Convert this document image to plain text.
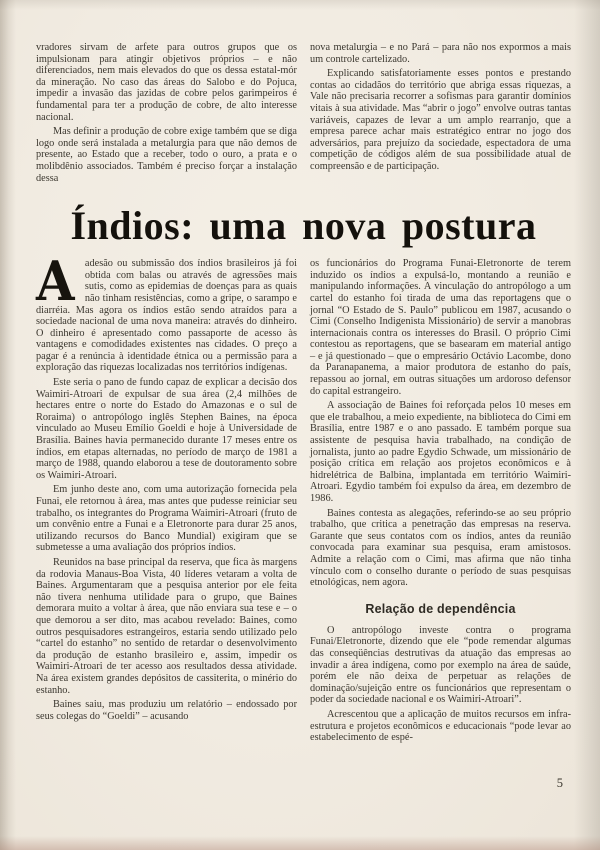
vradores sirvam de arfete para outros grupos que os impulsionam para atingir objetivos próprios – e não diferenciados, nem mais elevados do que os dessa estatal-mór da mineração. No caso das áreas do Salobo e do Pojuca, impedir a invasão das jazidas de cobre pelos garimpeiros é fundamental para ter a produção de cobre, de alto interesse nacional.

Mas definir a produção de cobre exige também que se diga logo onde será instalada a metalurgia para que não demos de presente, ao Estado que a receber, todo o ouro, a prata e o molibdênio associados. Também é preciso forçar a instalação dessa

nova metalurgia – e no Pará – para não nos expormos a mais um controle cartelizado.

Explicando satisfatoriamente esses pontos e prestando contas ao cidadãos do território que abriga essas riquezas, a Vale não precisaria recorrer a sofismas para garantir domínios vitais à sua atividade. Mas “abrir o jogo” envolve outras tantas variáveis, capazes de levar a um amplo rearranjo, que a empresa parece achar mais estratégico entrar no jogo dos adversários, para prejuízo da sociedade, espectadora de uma competição de códigos além de sua possibilidade atual de compreensão e de participação.

Índios: uma nova postura

A	adesão ou submissão dos índios brasileiros já foi obtida com balas ou através de agressões mais sutis, como as epidemias de doenças para as quais não tinham resistências, como a gripe, o sarampo e diarréia. Mas agora os índios estão sendo atraídos para a sociedade nacional de uma nova maneira: através do dinheiro. O dinheiro é apresentado como passaporte de acesso às vantagens e comodidades existentes nas cidades. O preço a pagar é a renúncia à identidade étnica ou a permissão para a exploração das riquezas localizadas nos territórios indígenas.

Este seria o pano de fundo capaz de explicar a decisão dos Waimiri-Atroari de expulsar de sua área (2,4 milhões de hectares entre o norte do Estado do Amazonas e o sul de Roraima) o antropólogo inglês Stephen Baines, na época vinculado ao Museu Emílio Goeldi e hoje à Universidade de Brasília. Baines havia permanecido durante 17 meses entre os índios, em etapas alternadas, no período de março de 1981 a março de 1988, quando elaborou a tese de doutoramento sobre os Waimiri-Atroari.

Em junho deste ano, com uma autorização fornecida pela Funai, ele retornou à área, mas antes que pudesse reiniciar seu trabalho, os integrantes do Programa Waimiri-Atroari (fruto de um convênio entre a Funai e a Eletronorte para durar 25 anos, utilizando recursos do Banco Mundial) exigiram que se submetesse a uma avaliação dos próprios índios.

Reunidos na base principal da reserva, que fica às margens da rodovia Manaus-Boa Vista, 40 líderes vetaram a volta de Baines. Argumentaram que a pesquisa anterior por ele feita não tivera nenhuma utilidade para o grupo, que Baines demorara muito a voltar à área, que não enviara sua tese e – o que demorou a ser dito, mas acabou revelado: Baines, como outros pesquisadores estrangeiros, estaria sendo utilizado pelo “cartel do estanho” no sentido de retardar o desenvolvimento da produção de estanho brasileiro e, assim, impedir os Waimiri-Atroari de ter acesso aos resultados dessa atividade. Na área existem grandes depósitos de cassiterita, o minério do estanho.

Baines saiu, mas produziu um relatório – endossado por seus colegas do “Goeldi” – acusando

os funcionários do Programa Funai-Eletronorte de terem induzido os índios a expulsá-lo, montando a reunião e manipulando informações. A vinculação do antropólogo a um cartel do estanho foi tirada de uma das reportagens que o jornal “O Estado de S. Paulo” publicou em 1987, acusando o Cimi (Conselho Indigenista Missionário) de servir a manobras internacionais contra os interesses do Brasil. O próprio Cimi contestou as reportagens, que se basearam em material antigo – e já questionado – que o empresário Octávio Lacombe, dono da Paranapanema, a maior produtora de estanho do país, repassou ao jornal, em outras situações um ardoroso defensor do capital estrangeiro.

A associação de Baines foi reforçada pelos 10 meses em que ele trabalhou, a meio expediente, na biblioteca do Cimi em Brasília, entre 1987 e o ano passado. E também porque sua assistente de pesquisa havia trabalhado, na condição de jornalista, junto ao padre Egydio Schwade, um missionário de posição crítica em relação aos projetos econômicos e à hidrelétrica de Balbina, implantada em território Waimiri-Atroari. Egydio também foi expulso da área, em dezembro de 1986.

Baines contesta as alegações, referindo-se ao seu próprio trabalho, que critica a penetração das empresas na reserva. Garante que seus contatos com os índios, antes da reunião convocada para examinar sua pesquisa, eram amistosos. Admite a relação com o Cimi, mas afirma que não tinha vínculo com o conselho durante o período de suas pesquisas etnológicas, nem agora.

Relação de dependência

O antropólogo investe contra o programa Funai/Eletronorte, dizendo que ele “pode remendar algumas das conseqüências destrutivas da atuação das empresas ao invadir a área indígena, como por exemplo na área de saúde, porém ele não deixa de perpetuar as relações de dominação/sujeição entre os funcionários que representam o poder da sociedade nacional e os Waimiri-Atroari”.

Acrescentou que a aplicação de muitos recursos em infra-estrutura e projetos econômicos e educacionais “pode levar ao estabelecimento de espé-

5
